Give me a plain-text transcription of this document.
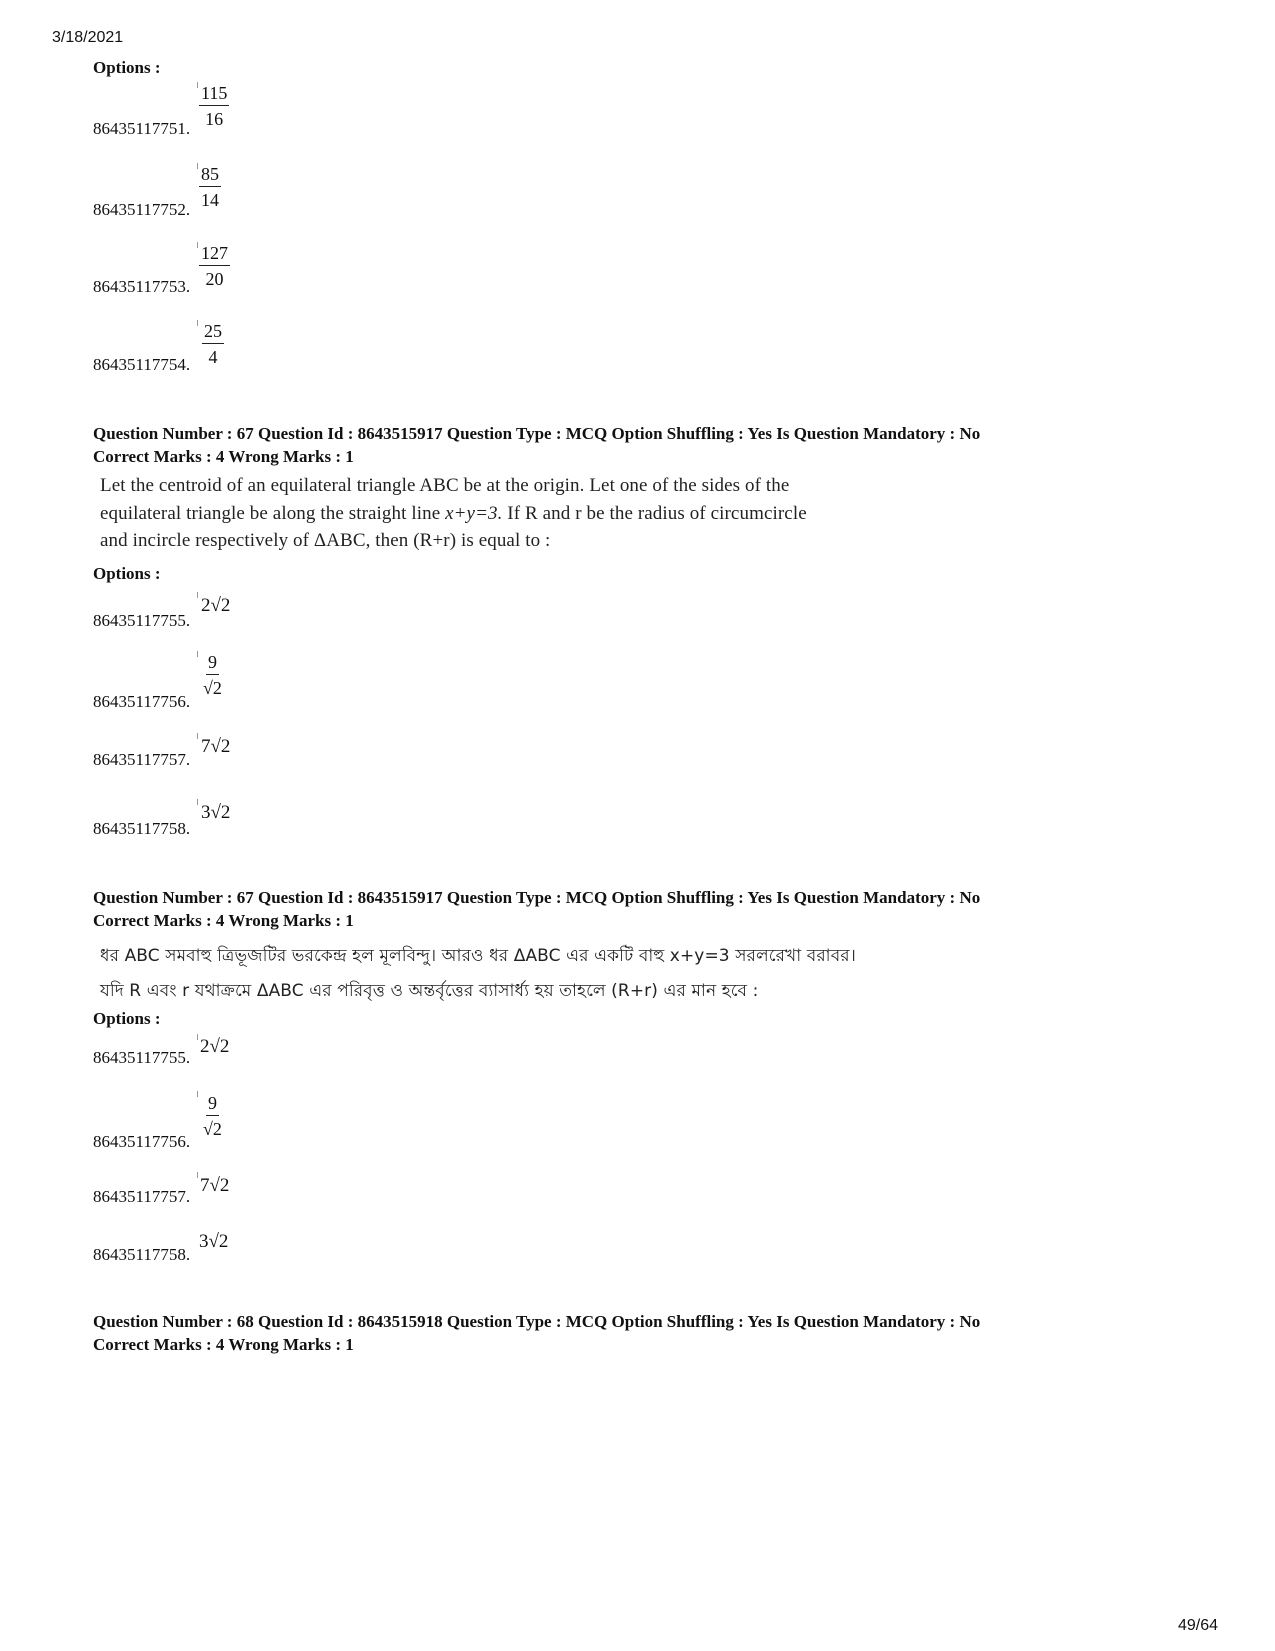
3/18/2021
Options :
86435117751. $\frac{115}{16}$
86435117752. $\frac{85}{14}$
86435117753. $\frac{127}{20}$
86435117754. $\frac{25}{4}$
Question Number : 67 Question Id : 8643515917 Question Type : MCQ Option Shuffling : Yes Is Question Mandatory : No
Correct Marks : 4 Wrong Marks : 1
Let the centroid of an equilateral triangle ABC be at the origin. Let one of the sides of the
equilateral triangle be along the straight line x+y=3. If R and r be the radius of circumcircle
and incircle respectively of ΔABC, then (R+r) is equal to :
Options :
86435117755.
2√2
86435117756.
$\frac{9}{√2}$
86435117757.
7√2
86435117758.
3√2
Question Number : 67 Question Id : 8643515917 Question Type : MCQ Option Shuffling : Yes Is Question Mandatory : No
Correct Marks : 4 Wrong Marks : 1
ধর ABC সমবাহু ত্রিভূজটির ভরকেন্দ্র হল মূলবিন্দু। আরও ধর ΔABC এর একটি বাহু x+y=3 সরলরেখা বরাবর।
যদি R এবং r যথাক্রমে ΔABC এর পরিবৃত্ত ও অন্তর্বৃত্তের ব্যাসার্ধ্য হয় তাহলে (R+r) এর মান হবে :
Options :
86435117755.
2√2
86435117756.
$\frac{9}{√2}$
86435117757.
7√2
86435117758.
3√2
Question Number : 68 Question Id : 8643515918 Question Type : MCQ Option Shuffling : Yes Is Question Mandatory : No
Correct Marks : 4 Wrong Marks : 1
49/64
